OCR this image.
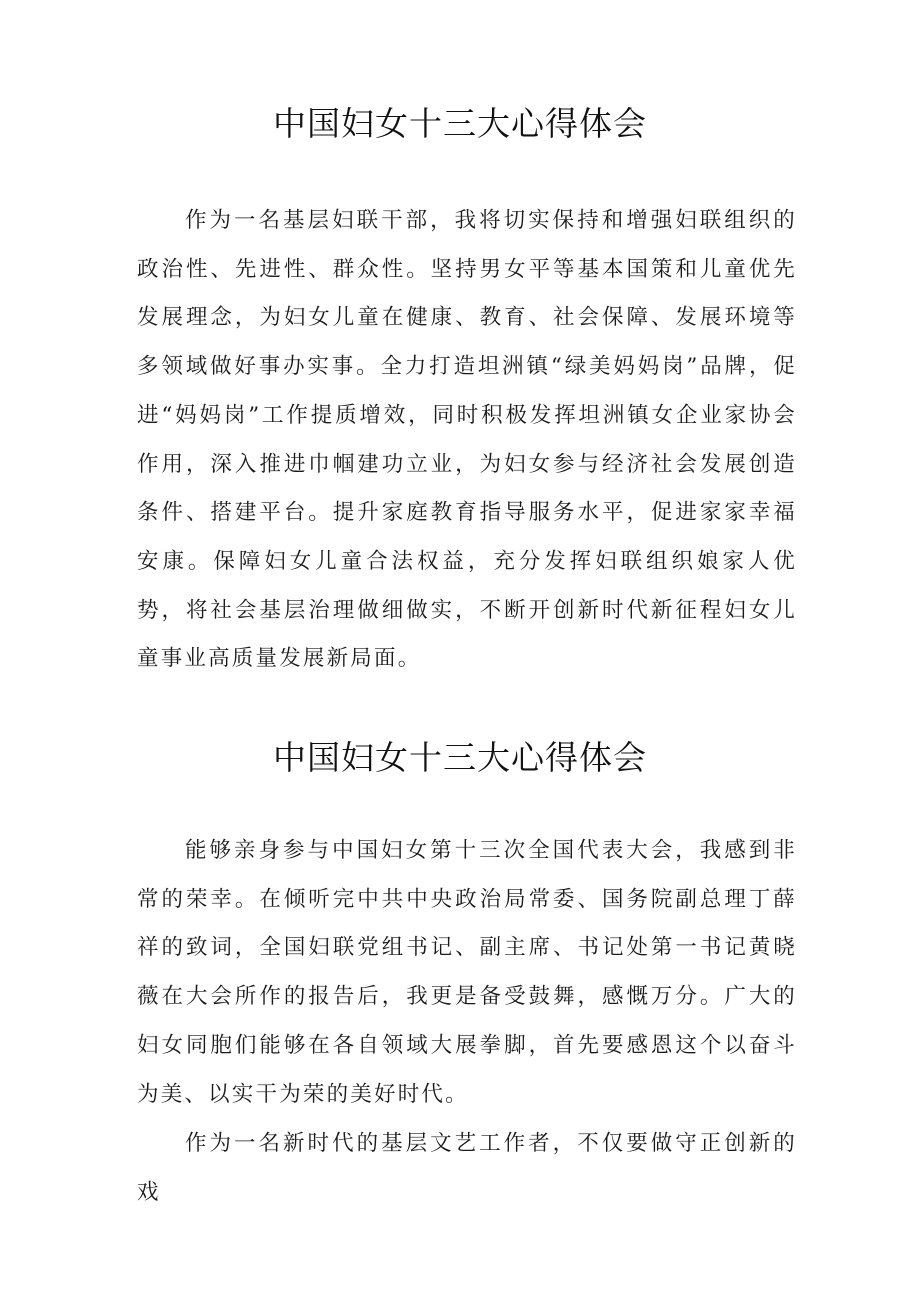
中国妇女十三大心得体会

作为一名基层妇联干部，我将切实保持和增强妇联组织的政治性、先进性、群众性。坚持男女平等基本国策和儿童优先发展理念，为妇女儿童在健康、教育、社会保障、发展环境等多领域做好事办实事。全力打造坦洲镇“绿美妈妈岗”品牌，促进“妈妈岗”工作提质增效，同时积极发挥坦洲镇女企业家协会作用，深入推进巾帼建功立业，为妇女参与经济社会发展创造条件、搭建平台。提升家庭教育指导服务水平，促进家家幸福安康。保障妇女儿童合法权益，充分发挥妇联组织娘家人优势，将社会基层治理做细做实，不断开创新时代新征程妇女儿童事业高质量发展新局面。

中国妇女十三大心得体会

能够亲身参与中国妇女第十三次全国代表大会，我感到非常的荣幸。在倾听完中共中央政治局常委、国务院副总理丁薛祥的致词，全国妇联党组书记、副主席、书记处第一书记黄晓薇在大会所作的报告后，我更是备受鼓舞，感慨万分。广大的妇女同胞们能够在各自领域大展拳脚，首先要感恩这个以奋斗为美、以实干为荣的美好时代。

作为一名新时代的基层文艺工作者，不仅要做守正创新的戏
